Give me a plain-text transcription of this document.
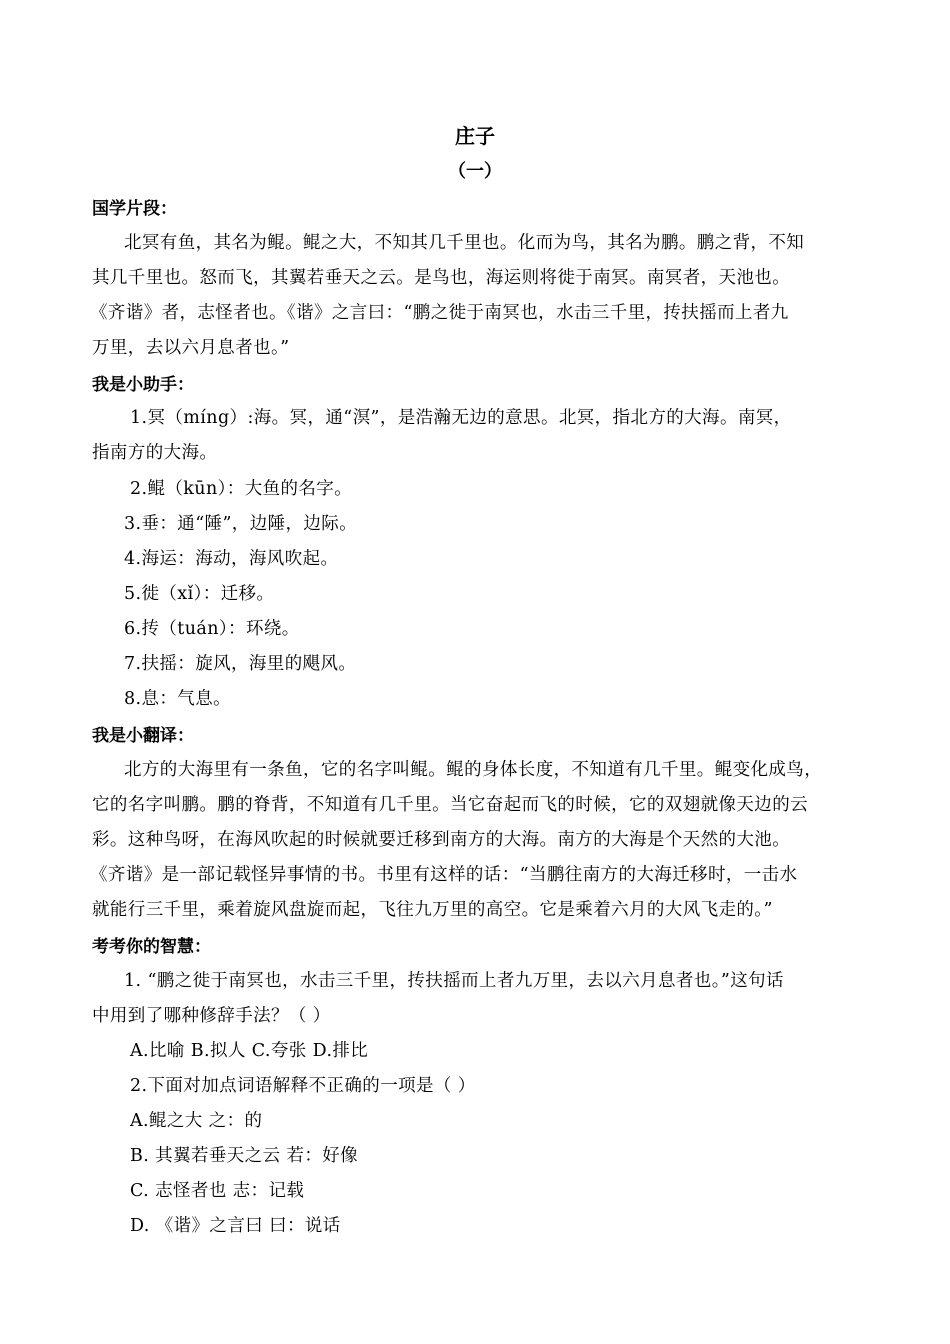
庄子
（一）
国学片段：
北冥有鱼，其名为鲲。鲲之大，不知其几千里也。化而为鸟，其名为鹏。鹏之背，不知
其几千里也。怒而飞，其翼若垂天之云。是鸟也，海运则将徙于南冥。南冥者，天池也。
《齐谐》者，志怪者也。《谐》之言曰：“鹏之徙于南冥也，水击三千里，抟扶摇而上者九
万里，去以六月息者也。”
我是小助手：
1.冥（míng）:海。冥，通“溟”，是浩瀚无边的意思。北冥，指北方的大海。南冥，
指南方的大海。
2.鲲（kūn）：大鱼的名字。
3.垂：通“陲”，边陲，边际。
4.海运：海动，海风吹起。
5.徙（xǐ）：迁移。
6.抟（tuán）：环绕。
7.扶摇：旋风，海里的飓风。
8.息：气息。
我是小翻译：
北方的大海里有一条鱼，它的名字叫鲲。鲲的身体长度，不知道有几千里。鲲变化成鸟，
它的名字叫鹏。鹏的脊背，不知道有几千里。当它奋起而飞的时候，它的双翅就像天边的云
彩。这种鸟呀，在海风吹起的时候就要迁移到南方的大海。南方的大海是个天然的大池。
《齐谐》是一部记载怪异事情的书。书里有这样的话：“当鹏往南方的大海迁移时，一击水
就能行三千里，乘着旋风盘旋而起，飞往九万里的高空。它是乘着六月的大风飞走的。”
考考你的智慧：
1. “鹏之徙于南冥也，水击三千里，抟扶摇而上者九万里，去以六月息者也。”这句话
中用到了哪种修辞手法？（ ）
A.比喻 B.拟人 C.夸张 D.排比
2.下面对加点词语解释不正确的一项是（ ）
A.鲲之大 之：的
B. 其翼若垂天之云 若：好像
C. 志怪者也 志：记载
D. 《谐》之言曰 曰：说话
